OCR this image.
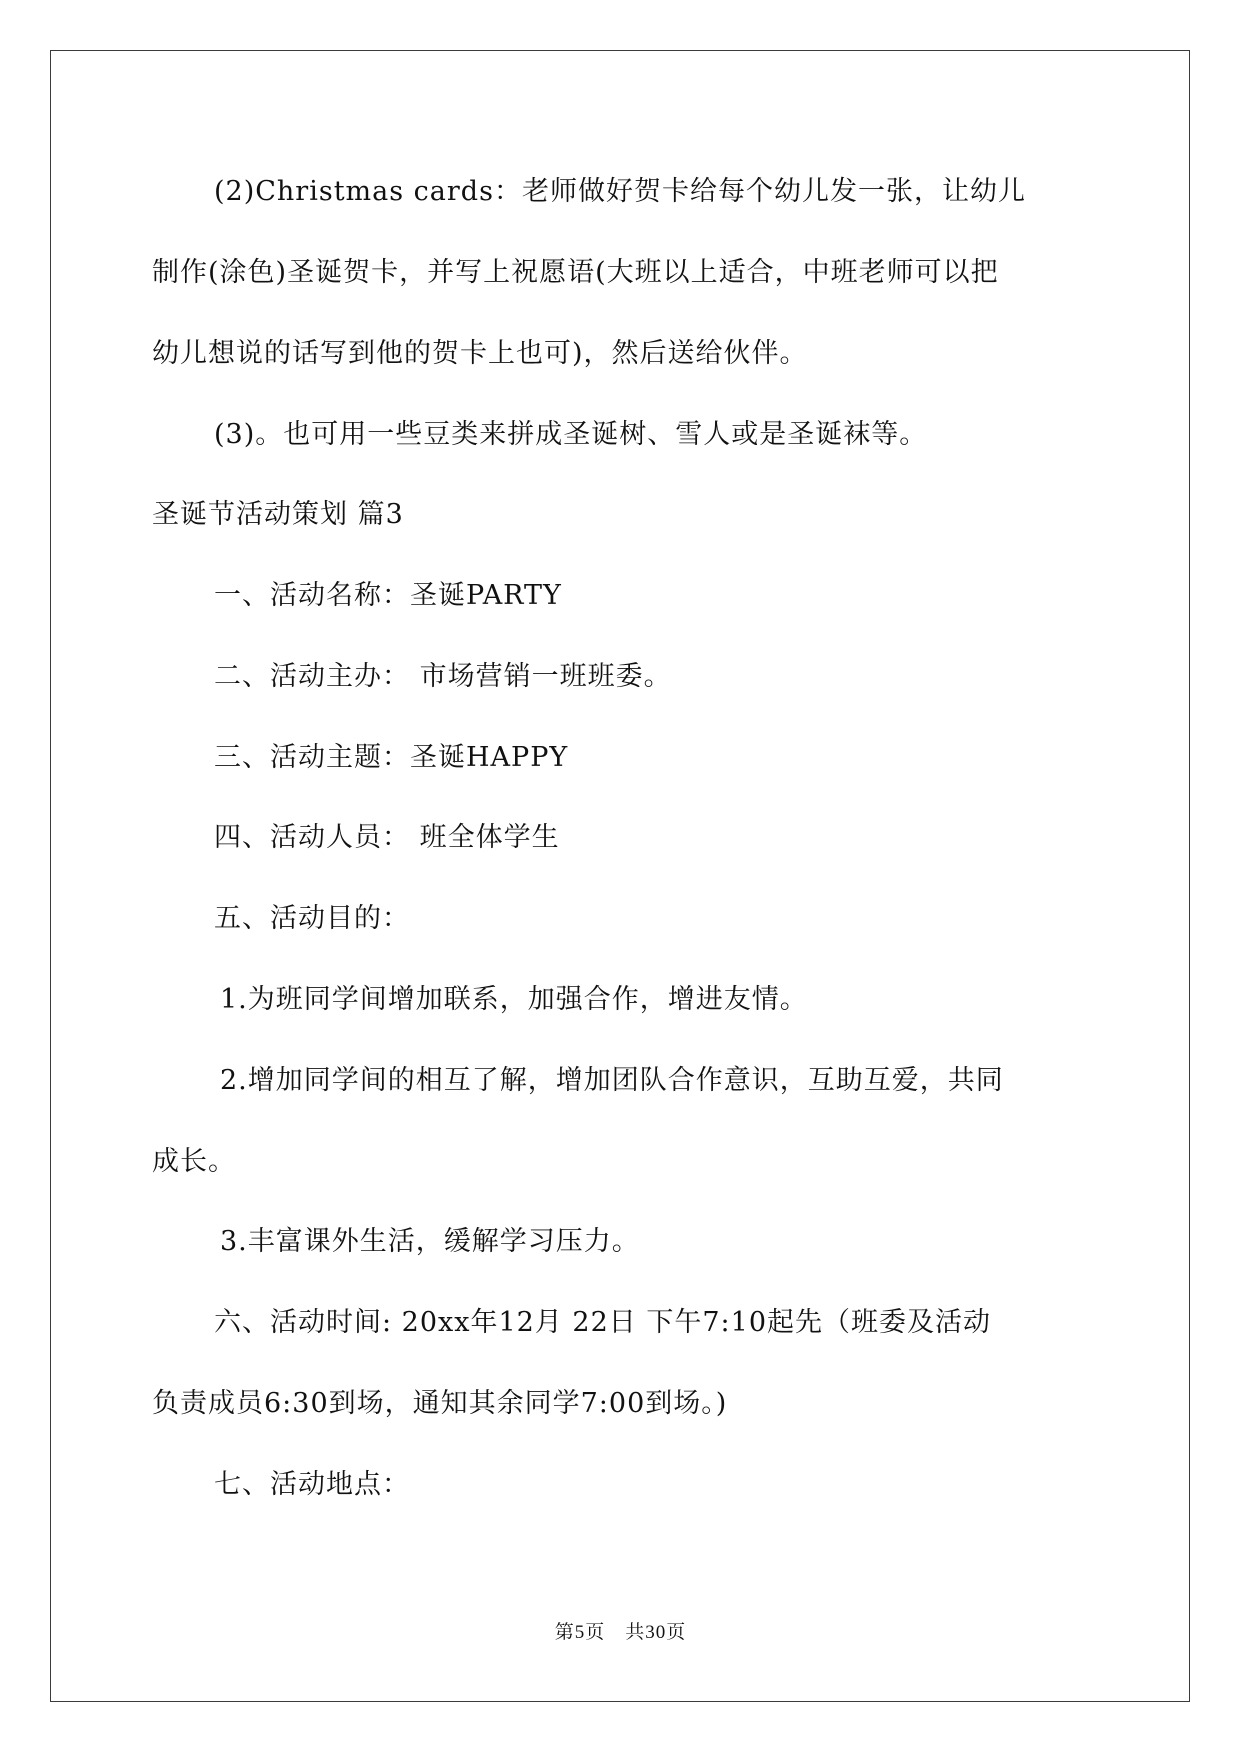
(2)Christmas cards：老师做好贺卡给每个幼儿发一张，让幼儿
制作(涂色)圣诞贺卡，并写上祝愿语(大班以上适合，中班老师可以把
幼儿想说的话写到他的贺卡上也可)，然后送给伙伴。
(3)。也可用一些豆类来拼成圣诞树、雪人或是圣诞袜等。
圣诞节活动策划 篇3
一、活动名称：圣诞PARTY
二、活动主办： 市场营销一班班委。
三、活动主题：圣诞HAPPY
四、活动人员： 班全体学生
五、活动目的：
1.为班同学间增加联系，加强合作，增进友情。
2.增加同学间的相互了解，增加团队合作意识，互助互爱，共同
成长。
3.丰富课外生活，缓解学习压力。
六、活动时间: 20xx年12月 22日 下午7:10起先（班委及活动
负责成员6:30到场，通知其余同学7:00到场。)
七、活动地点：
第5页　共30页
